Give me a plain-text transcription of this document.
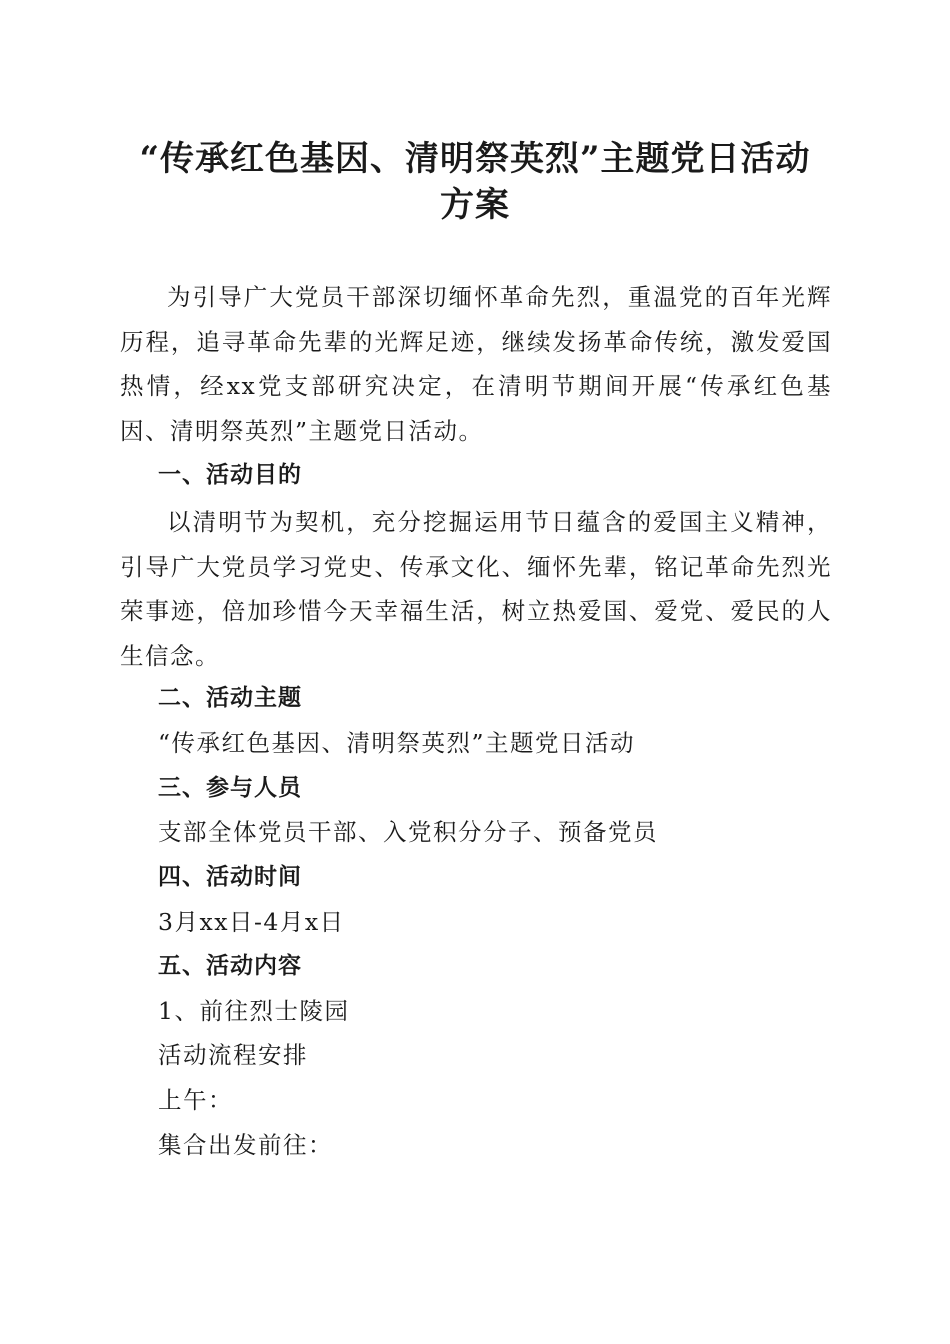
“传承红色基因、清明祭英烈”主题党日活动
方案

为引导广大党员干部深切缅怀革命先烈，重温党的百年光辉历程，追寻革命先辈的光辉足迹，继续发扬革命传统，激发爱国热情，经xx党支部研究决定，在清明节期间开展“传承红色基因、清明祭英烈”主题党日活动。

一、活动目的

以清明节为契机，充分挖掘运用节日蕴含的爱国主义精神，引导广大党员学习党史、传承文化、缅怀先辈，铭记革命先烈光荣事迹，倍加珍惜今天幸福生活，树立热爱国、爱党、爱民的人生信念。

二、活动主题

“传承红色基因、清明祭英烈”主题党日活动

三、参与人员

支部全体党员干部、入党积分分子、预备党员

四、活动时间

3月xx日-4月x日

五、活动内容

1、前往烈士陵园

活动流程安排

上午：

集合出发前往：
